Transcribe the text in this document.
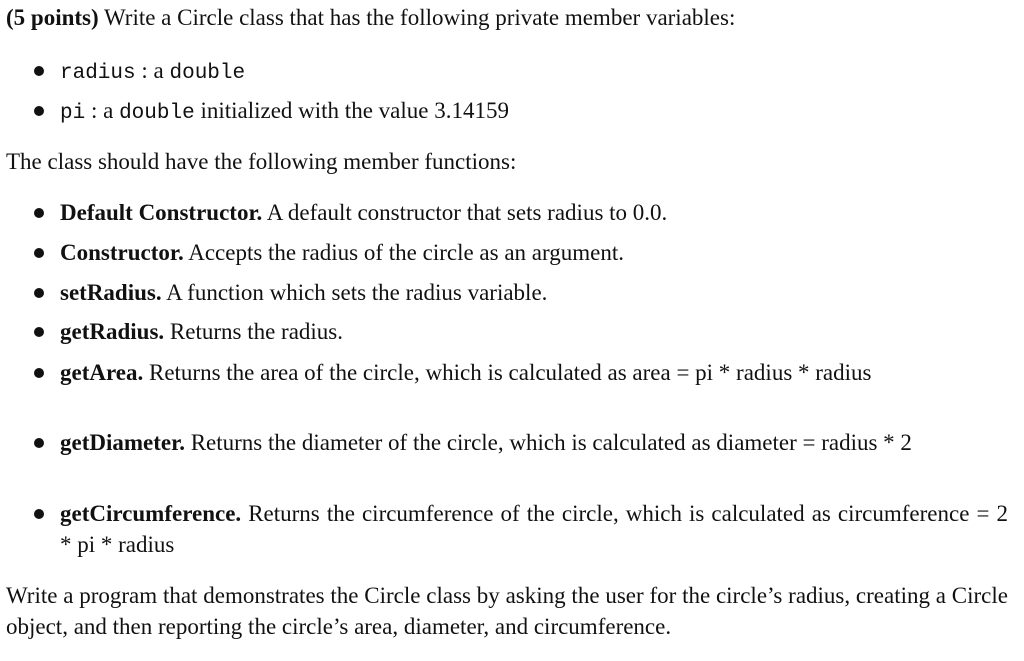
(5 points) Write a Circle class that has the following private member variables:
radius : a double
pi : a double initialized with the value 3.14159
The class should have the following member functions:
Default Constructor. A default constructor that sets radius to 0.0.
Constructor. Accepts the radius of the circle as an argument.
setRadius. A function which sets the radius variable.
getRadius. Returns the radius.
getArea. Returns the area of the circle, which is calculated as area = pi * radius * radius
getDiameter. Returns the diameter of the circle, which is calculated as diameter = radius * 2
getCircumference. Returns the circumference of the circle, which is calculated as circumference = 2 * pi * radius
Write a program that demonstrates the Circle class by asking the user for the circle’s radius, creating a Circle object, and then reporting the circle’s area, diameter, and circumference.
